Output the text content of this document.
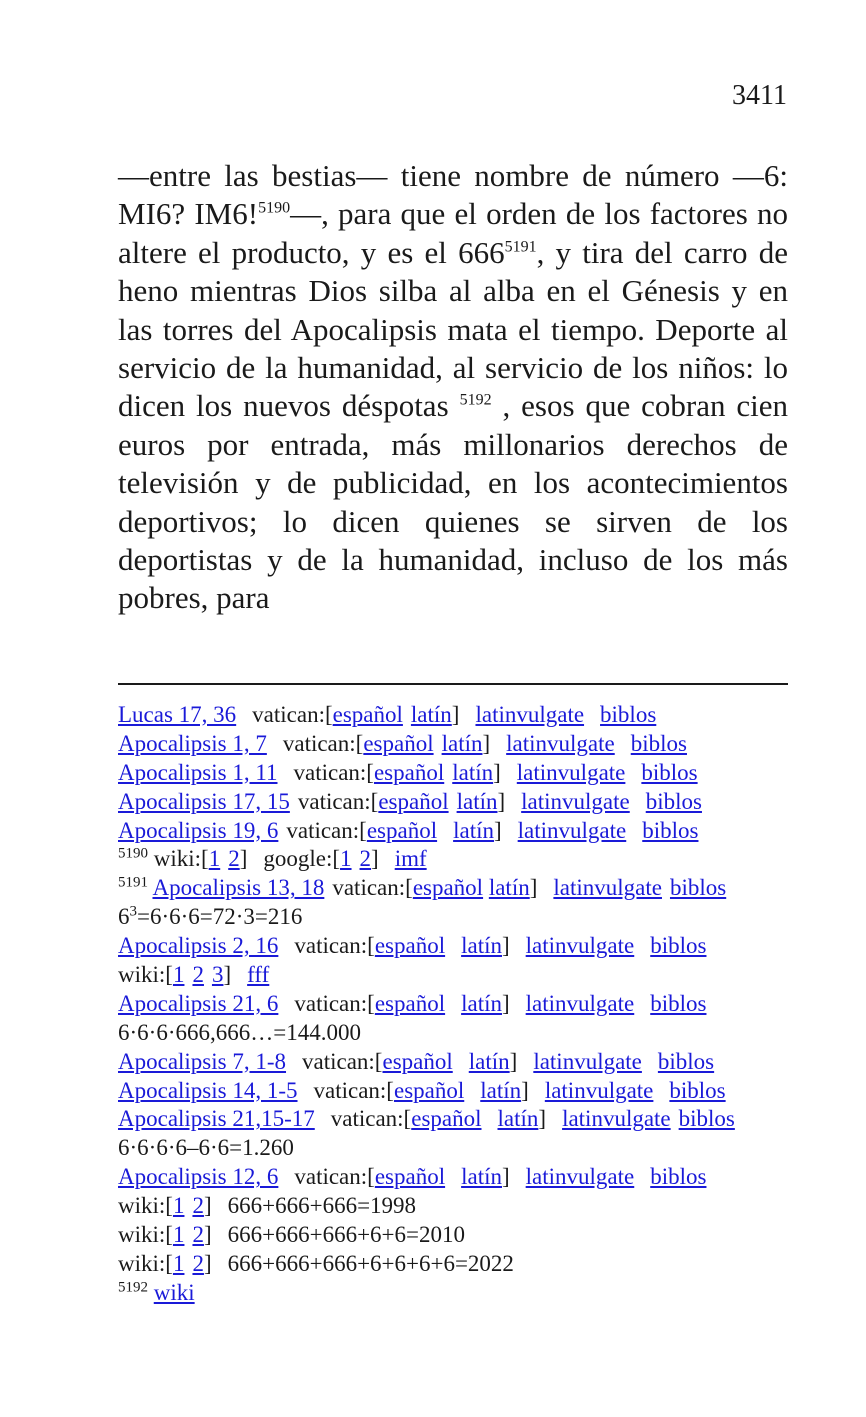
3411

—entre las bestias— tiene nombre de número —6: MI6? IM6!$^{5190}$—, para que el orden de los factores no altere el producto, y es el 666$^{5191}$, y tira del carro de heno mientras Dios silba al alba en el Génesis y en las torres del Apocalipsis mata el tiempo. Deporte al servicio de la humanidad, al servicio de los niños: lo dicen los nuevos déspotas $^{5192}$ , esos que cobran cien euros por entrada, más millonarios derechos de televisión y de publicidad, en los acontecimientos deportivos; lo dicen quienes se sirven de los deportistas y de la humanidad, incluso de los más pobres, para

Lucas 17, 36 vatican:[español latín] latinvulgate biblos
Apocalipsis 1, 7 vatican:[español latín] latinvulgate biblos
Apocalipsis 1, 11 vatican:[español latín] latinvulgate biblos
Apocalipsis 17, 15 vatican:[español latín] latinvulgate biblos
Apocalipsis 19, 6 vatican:[español latín] latinvulgate biblos
$^{5190}$ wiki:[1 2] google:[1 2] imf
$^{5191}$ Apocalipsis 13, 18 vatican:[español latín] latinvulgate biblos
$6^3=6\cdot 6\cdot 6=72\cdot 3=216$
Apocalipsis 2, 16 vatican:[español latín] latinvulgate biblos
wiki:[1 2 3] fff
Apocalipsis 21, 6 vatican:[español latín] latinvulgate biblos
6·6·6·666,666…=144.000
Apocalipsis 7, 1-8 vatican:[español latín] latinvulgate biblos
Apocalipsis 14, 1-5 vatican:[español latín] latinvulgate biblos
Apocalipsis 21,15-17 vatican:[español latín] latinvulgate biblos
6·6·6·6–6·6=1.260
Apocalipsis 12, 6 vatican:[español latín] latinvulgate biblos
wiki:[1 2] 666+666+666=1998
wiki:[1 2] 666+666+666+6+6=2010
wiki:[1 2] 666+666+666+6+6+6+6=2022
$^{5192}$ wiki
